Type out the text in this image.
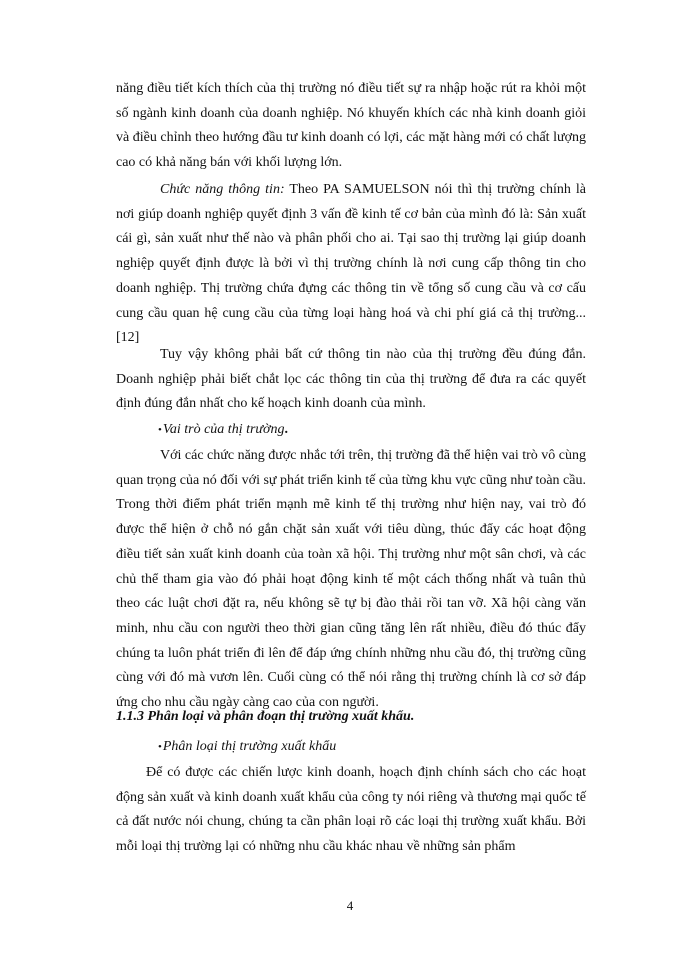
năng điều tiết kích thích của thị trường nó điều tiết sự ra nhập hoặc rút ra khỏi một số ngành kinh doanh của doanh nghiệp. Nó khuyến khích các nhà kinh doanh giỏi và điều chỉnh theo hướng đầu tư kinh doanh có lợi, các mặt hàng mới có chất lượng cao có khả năng bán với khối lượng lớn.

Chức năng thông tin: Theo PA SAMUELSON nói thì thị trường chính là nơi giúp doanh nghiệp quyết định 3 vấn đề kinh tế cơ bản của mình đó là: Sản xuất cái gì, sản xuất như thế nào và phân phối cho ai. Tại sao thị trường lại giúp doanh nghiệp quyết định được là bởi vì thị trường chính là nơi cung cấp thông tin cho doanh nghiệp. Thị trường chứa đựng các thông tin về tổng số cung cầu và cơ cấu cung cầu quan hệ cung cầu của từng loại hàng hoá và chi phí giá cả thị trường... [12]

Tuy vậy không phải bất cứ thông tin nào của thị trường đều đúng đắn. Doanh nghiệp phải biết chắt lọc các thông tin của thị trường để đưa ra các quyết định đúng đắn nhất cho kế hoạch kinh doanh của mình.

•Vai trò của thị trường.

Với các chức năng được nhắc tới trên, thị trường đã thể hiện vai trò vô cùng quan trọng của nó đối với sự phát triển kinh tế của từng khu vực cũng như toàn cầu. Trong thời điểm phát triển mạnh mẽ kinh tế thị trường như hiện nay, vai trò đó được thể hiện ở chỗ nó gắn chặt sản xuất với tiêu dùng, thúc đẩy các hoạt động điều tiết sản xuất kinh doanh của toàn xã hội. Thị trường như một sân chơi, và các chủ thể tham gia vào đó phải hoạt động kinh tế một cách thống nhất và tuân thủ theo các luật chơi đặt ra, nếu không sẽ tự bị đào thải rồi tan vỡ. Xã hội càng văn minh, nhu cầu con người theo thời gian cũng tăng lên rất nhiều, điều đó thúc đẩy chúng ta luôn phát triển đi lên để đáp ứng chính những nhu cầu đó, thị trường cũng cùng với đó mà vươn lên. Cuối cùng có thể nói rằng thị trường chính là cơ sở đáp ứng cho nhu cầu ngày càng cao của con người.

1.1.3 Phân loại và phân đoạn thị trường xuất khẩu.

•Phân loại thị trường xuất khẩu

Để có được các chiến lược kinh doanh, hoạch định chính sách cho các hoạt động sản xuất và kinh doanh xuất khẩu của công ty nói riêng và thương mại quốc tế cả đất nước nói chung, chúng ta cần phân loại rõ các loại thị trường xuất khẩu. Bởi mỗi loại thị trường lại có những nhu cầu khác nhau về những sản phẩm

4
